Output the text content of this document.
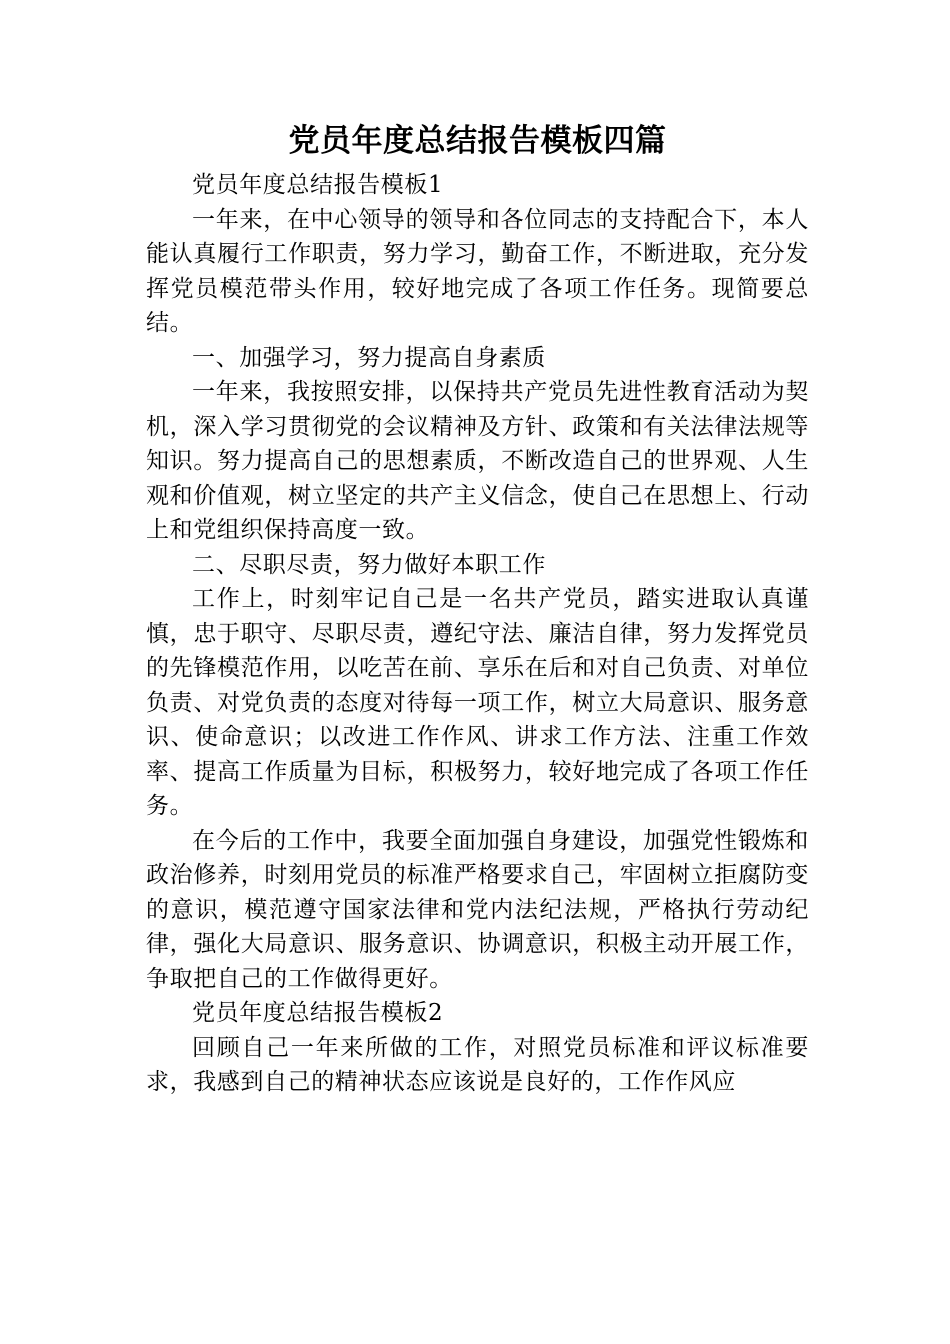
党员年度总结报告模板四篇

党员年度总结报告模板1

一年来，在中心领导的领导和各位同志的支持配合下，本人能认真履行工作职责，努力学习，勤奋工作，不断进取，充分发挥党员模范带头作用，较好地完成了各项工作任务。现简要总结。

一、加强学习，努力提高自身素质

一年来，我按照安排，以保持共产党员先进性教育活动为契机，深入学习贯彻党的会议精神及方针、政策和有关法律法规等知识。努力提高自己的思想素质，不断改造自己的世界观、人生观和价值观，树立坚定的共产主义信念，使自己在思想上、行动上和党组织保持高度一致。

二、尽职尽责，努力做好本职工作

工作上，时刻牢记自己是一名共产党员，踏实进取认真谨慎，忠于职守、尽职尽责，遵纪守法、廉洁自律，努力发挥党员的先锋模范作用，以吃苦在前、享乐在后和对自己负责、对单位负责、对党负责的态度对待每一项工作，树立大局意识、服务意识、使命意识；以改进工作作风、讲求工作方法、注重工作效率、提高工作质量为目标，积极努力，较好地完成了各项工作任务。

在今后的工作中，我要全面加强自身建设，加强党性锻炼和政治修养，时刻用党员的标准严格要求自己，牢固树立拒腐防变的意识，模范遵守国家法律和党内法纪法规，严格执行劳动纪律，强化大局意识、服务意识、协调意识，积极主动开展工作，争取把自己的工作做得更好。

党员年度总结报告模板2

回顾自己一年来所做的工作，对照党员标准和评议标准要求，我感到自己的精神状态应该说是良好的，工作作风应
